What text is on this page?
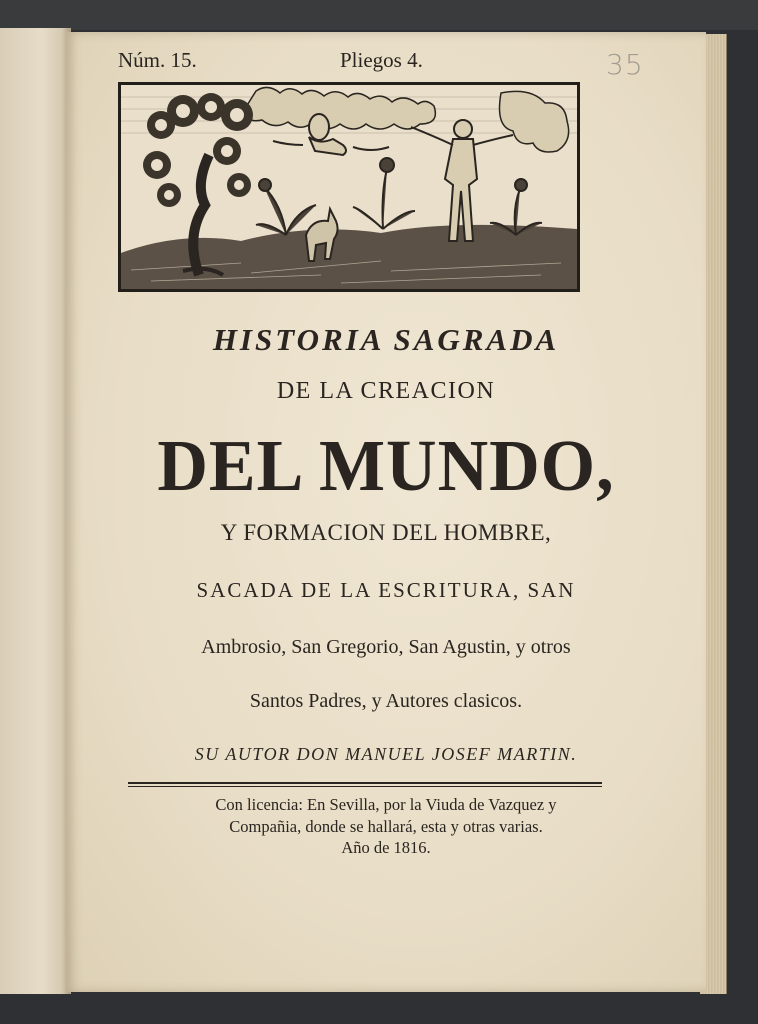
Núm. 15.	Pliegos 4.	35
HISTORIA SAGRADA
DE LA CREACION
DEL MUNDO,
Y FORMACION DEL HOMBRE,
SACADA DE LA ESCRITURA, SAN
Ambrosio, San Gregorio, San Agustin, y otros
Santos Padres, y Autores clasicos.
SU AUTOR DON MANUEL JOSEF MARTIN.
Con licencia: En Sevilla, por la Viuda de Vazquez y
Compañia, donde se hallará, esta y otras varias.
Año de 1816.
